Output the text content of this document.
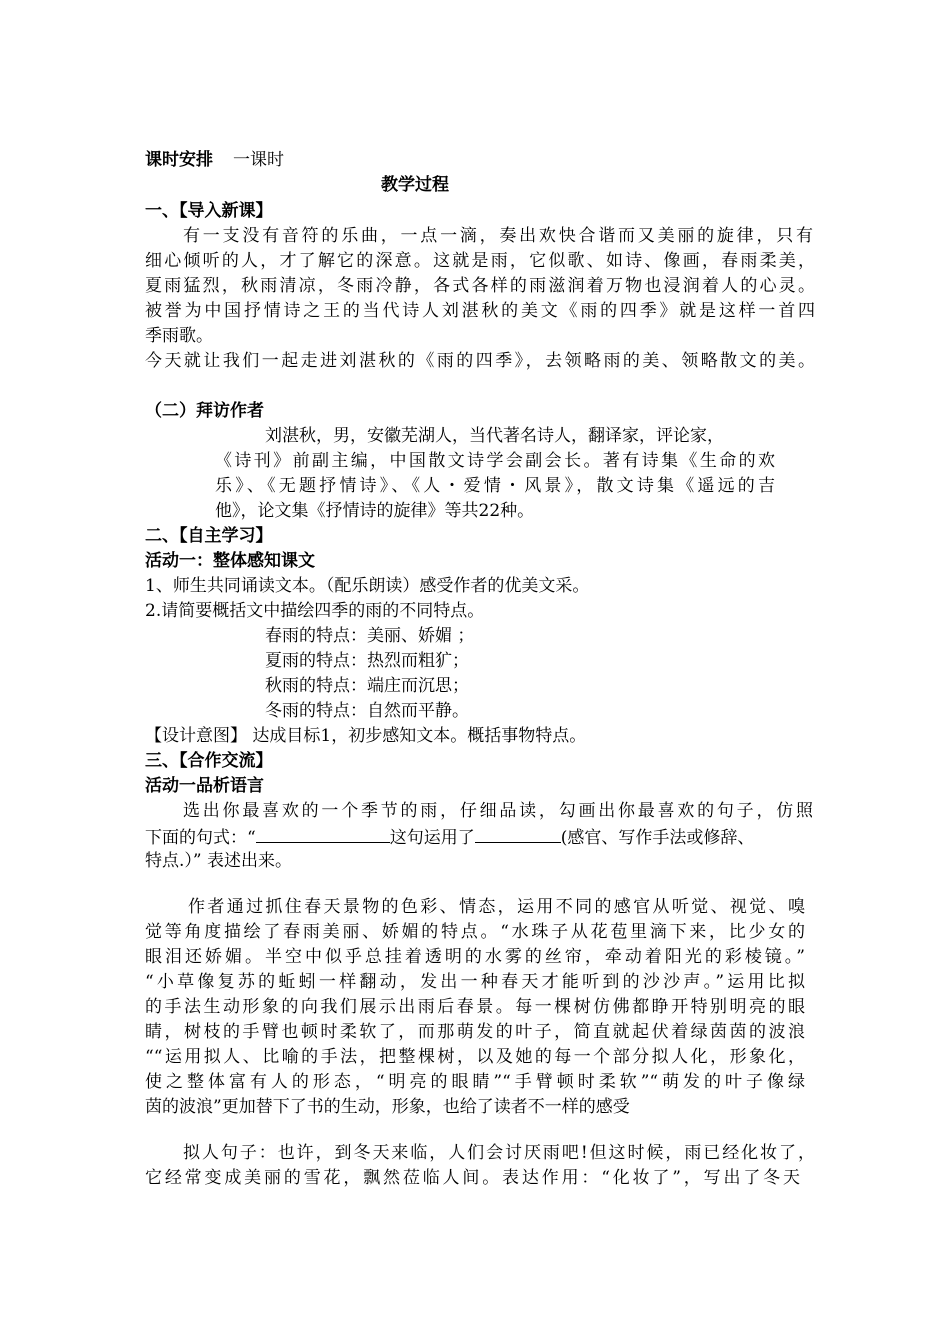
课时安排 一课时
教学过程
一、【导入新课】
有一支没有音符的乐曲，一点一滴，奏出欢快合谐而又美丽的旋律，只有
细心倾听的人，才了解它的深意。这就是雨，它似歌、如诗、像画，春雨柔美，
夏雨猛烈，秋雨清凉，冬雨冷静，各式各样的雨滋润着万物也浸润着人的心灵。
被誉为中国抒情诗之王的当代诗人刘湛秋的美文《雨的四季》就是这样一首四
季雨歌。
今天就让我们一起走进刘湛秋的《雨的四季》，去领略雨的美、领略散文的美。
（二）拜访作者
刘湛秋，男，安徽芜湖人，当代著名诗人，翻译家，评论家，
《诗刊》前副主编，中国散文诗学会副会长。著有诗集《生命的欢
乐》、《无题抒情诗》、《人・爱情・风景》，散文诗集《遥远的吉
他》，论文集《抒情诗的旋律》等共22种。
二、【自主学习】
活动一：整体感知课文
1、师生共同诵读文本。（配乐朗读）感受作者的优美文采。
2.请简要概括文中描绘四季的雨的不同特点。
春雨的特点：美丽、娇媚 ；
夏雨的特点：热烈而粗犷；
秋雨的特点：端庄而沉思；
冬雨的特点：自然而平静。
【设计意图】 达成目标1，初步感知文本。概括事物特点。
三、【合作交流】
活动一品析语言
选出你最喜欢的一个季节的雨，仔细品读，勾画出你最喜欢的句子，仿照
下面的句式：“	这句运用了	(感官、写作手法或修辞、
特点.）” 表述出来。
作者通过抓住春天景物的色彩、情态，运用不同的感官从听觉、视觉、嗅
觉等角度描绘了春雨美丽、娇媚的特点。“水珠子从花苞里滴下来，比少女的
眼泪还娇媚。半空中似乎总挂着透明的水雾的丝帘，牵动着阳光的彩棱镜。”
“小草像复苏的蚯蚓一样翻动，发出一种春天才能听到的沙沙声。”运用比拟
的手法生动形象的向我们展示出雨后春景。每一棵树仿佛都睁开特别明亮的眼
睛，树枝的手臂也顿时柔软了，而那萌发的叶子，简直就起伏着绿茵茵的波浪
““运用拟人、比喻的手法，把整棵树，以及她的每一个部分拟人化，形象化，
使之整体富有人的形态，“明亮的眼睛”“手臂顿时柔软”“萌发的叶子像绿
茵的波浪”更加替下了书的生动，形象，也给了读者不一样的感受
拟人句子：也许，到冬天来临，人们会讨厌雨吧!但这时候，雨已经化妆了，
它经常变成美丽的雪花，飘然莅临人间。表达作用：“化妆了”，写出了冬天
